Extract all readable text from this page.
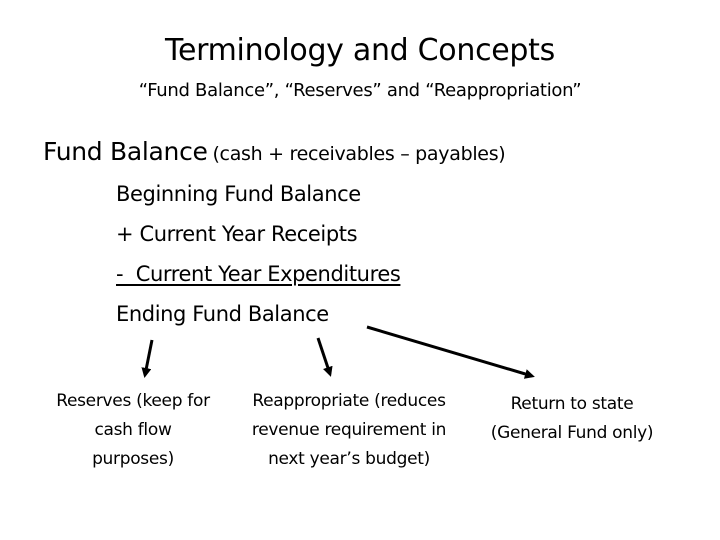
Terminology and Concepts
“Fund Balance”, “Reserves” and “Reappropriation”
Fund Balance (cash + receivables – payables)
Beginning Fund Balance
+ Current Year Receipts
-  Current Year Expenditures
Ending Fund Balance
Reserves (keep for cash flow purposes)
Reappropriate (reduces revenue requirement in next year’s budget)
Return to state (General Fund only)
